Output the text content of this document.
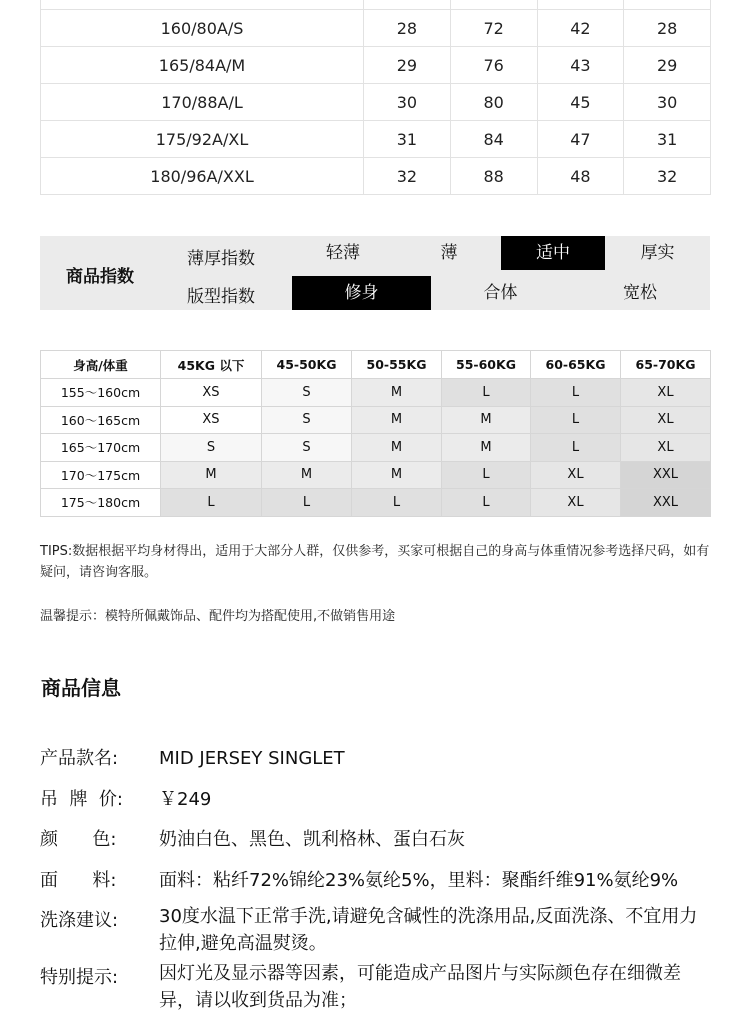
160/80A/S	28	72	42	28
165/84A/M	29	76	43	29
170/88A/L	30	80	45	30
175/92A/XL	31	84	47	31
180/96A/XXL	32	88	48	32
商品指数
薄厚指数	轻薄	薄	适中	厚实
版型指数	修身	合体	宽松
身高/体重	45KG 以下	45-50KG	50-55KG	55-60KG	60-65KG	65-70KG
155～160cm	XS	S	M	L	L	XL
160～165cm	XS	S	M	M	L	XL
165～170cm	S	S	M	M	L	XL
170～175cm	M	M	M	L	XL	XXL
175～180cm	L	L	L	L	XL	XXL
TIPS:数据根据平均身材得出，适用于大部分人群，仅供参考，买家可根据自己的身高与体重情况参考选择尺码，如有疑问，请咨询客服。
温馨提示：模特所佩戴饰品、配件均为搭配使用,不做销售用途
商品信息
产品款名:	MID JERSEY SINGLET
吊  牌  价:	￥249
颜      色:	奶油白色、黑色、凯利格林、蛋白石灰
面      料:	面料：粘纤72%锦纶23%氨纶5%，里料：聚酯纤维91%氨纶9%
洗涤建议:	30度水温下正常手洗,请避免含碱性的洗涤用品,反面洗涤、不宜用力拉伸,避免高温熨烫。
特别提示:	因灯光及显示器等因素，可能造成产品图片与实际颜色存在细微差异，请以收到货品为准；
